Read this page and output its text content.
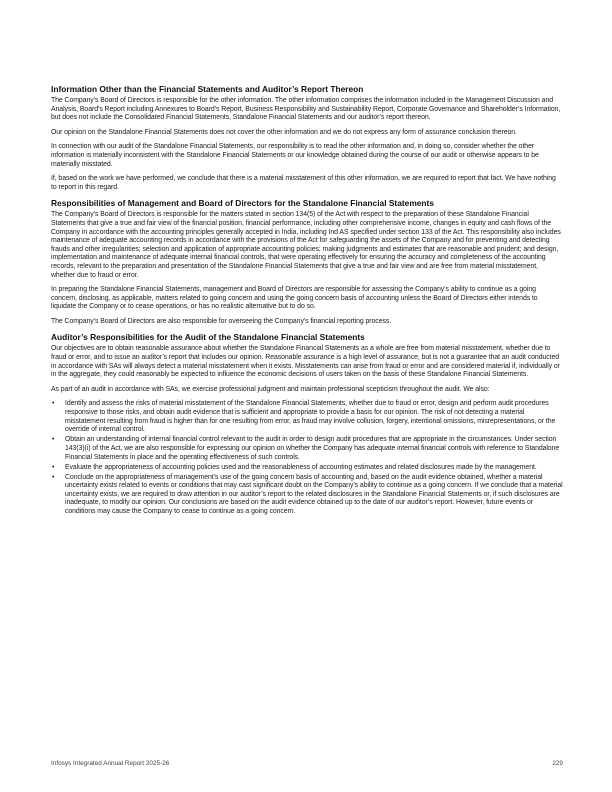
Information Other than the Financial Statements and Auditor’s Report Thereon

The Company’s Board of Directors is responsible for the other information. The other information comprises the information included in the Management Discussion and Analysis, Board’s Report including Annexures to Board’s Report, Business Responsibility and Sustainability Report, Corporate Governance and Shareholder’s Information, but does not include the Consolidated Financial Statements, Standalone Financial Statements and our auditor’s report thereon.

Our opinion on the Standalone Financial Statements does not cover the other information and we do not express any form of assurance conclusion thereon.

In connection with our audit of the Standalone Financial Statements, our responsibility is to read the other information and, in doing so, consider whether the other information is materially inconsistent with the Standalone Financial Statements or our knowledge obtained during the course of our audit or otherwise appears to be materially misstated.

If, based on the work we have performed, we conclude that there is a material misstatement of this other information, we are required to report that fact. We have nothing to report in this regard.

Responsibilities of Management and Board of Directors for the Standalone Financial Statements

The Company’s Board of Directors is responsible for the matters stated in section 134(5) of the Act with respect to the preparation of these Standalone Financial Statements that give a true and fair view of the financial position, financial performance, including other comprehensive income, changes in equity and cash flows of the Company in accordance with the accounting principles generally accepted in India, including Ind AS specified under section 133 of the Act. This responsibility also includes maintenance of adequate accounting records in accordance with the provisions of the Act for safeguarding the assets of the Company and for preventing and detecting frauds and other irregularities; selection and application of appropriate accounting policies; making judgments and estimates that are reasonable and prudent; and design, implementation and maintenance of adequate internal financial controls, that were operating effectively for ensuring the accuracy and completeness of the accounting records, relevant to the preparation and presentation of the Standalone Financial Statements that give a true and fair view and are free from material misstatement, whether due to fraud or error.

In preparing the Standalone Financial Statements, management and Board of Directors are responsible for assessing the Company’s ability to continue as a going concern, disclosing, as applicable, matters related to going concern and using the going concern basis of accounting unless the Board of Directors either intends to liquidate the Company or to cease operations, or has no realistic alternative but to do so.

The Company’s Board of Directors are also responsible for overseeing the Company’s financial reporting process.

Auditor’s Responsibilities for the Audit of the Standalone Financial Statements

Our objectives are to obtain reasonable assurance about whether the Standalone Financial Statements as a whole are free from material misstatement, whether due to fraud or error, and to issue an auditor’s report that includes our opinion. Reasonable assurance is a high level of assurance, but is not a guarantee that an audit conducted in accordance with SAs will always detect a material misstatement when it exists. Misstatements can arise from fraud or error and are considered material if, individually or in the aggregate, they could reasonably be expected to influence the economic decisions of users taken on the basis of these Standalone Financial Statements.

As part of an audit in accordance with SAs, we exercise professional judgment and maintain professional scepticism throughout the audit. We also:

• Identify and assess the risks of material misstatement of the Standalone Financial Statements, whether due to fraud or error, design and perform audit procedures responsive to those risks, and obtain audit evidence that is sufficient and appropriate to provide a basis for our opinion. The risk of not detecting a material misstatement resulting from fraud is higher than for one resulting from error, as fraud may involve collusion, forgery, intentional omissions, misrepresentations, or the override of internal control.
• Obtain an understanding of internal financial control relevant to the audit in order to design audit procedures that are appropriate in the circumstances. Under section 143(3)(i) of the Act, we are also responsible for expressing our opinion on whether the Company has adequate internal financial controls with reference to Standalone Financial Statements in place and the operating effectiveness of such controls.
• Evaluate the appropriateness of accounting policies used and the reasonableness of accounting estimates and related disclosures made by the management.
• Conclude on the appropriateness of management’s use of the going concern basis of accounting and, based on the audit evidence obtained, whether a material uncertainty exists related to events or conditions that may cast significant doubt on the Company’s ability to continue as a going concern. If we conclude that a material uncertainty exists, we are required to draw attention in our auditor’s report to the related disclosures in the Standalone Financial Statements or, if such disclosures are inadequate, to modify our opinion. Our conclusions are based on the audit evidence obtained up to the date of our auditor’s report. However, future events or conditions may cause the Company to cease to continue as a going concern.
Infosys Integrated Annual Report 2025-26	229
